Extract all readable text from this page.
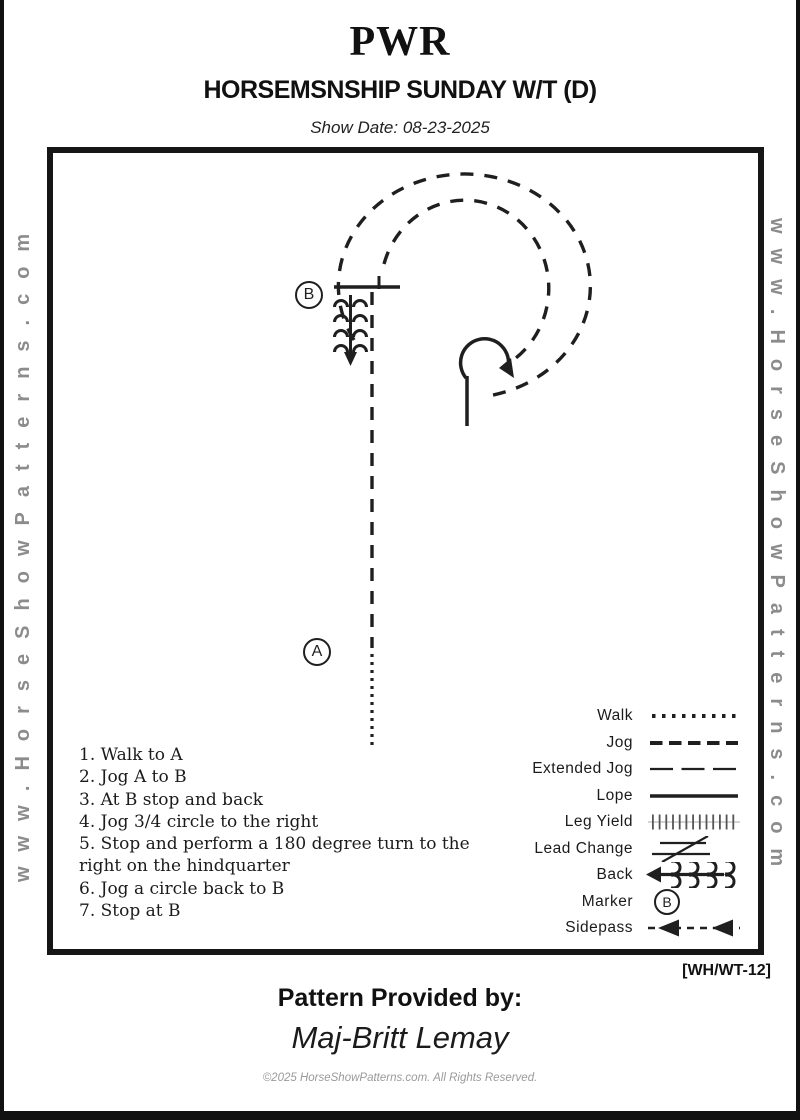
PWR
HORSEMSNSHIP SUNDAY W/T (D)
Show Date: 08-23-2025
www.HorseShowPatterns.com	www.HorseShowPatterns.com
B
A
1. Walk to A
2. Jog A to B
3. At B stop and back
4. Jog 3/4 circle to the right
5. Stop and perform a 180 degree turn to the right on the hindquarter
6. Jog a circle back to B
7. Stop at B
Walk
Jog
Extended Jog
Lope
Leg Yield
Lead Change
Back
Marker B
Sidepass
[WH/WT-12]
Pattern Provided by:
Maj-Britt Lemay
©2025 HorseShowPatterns.com. All Rights Reserved.
